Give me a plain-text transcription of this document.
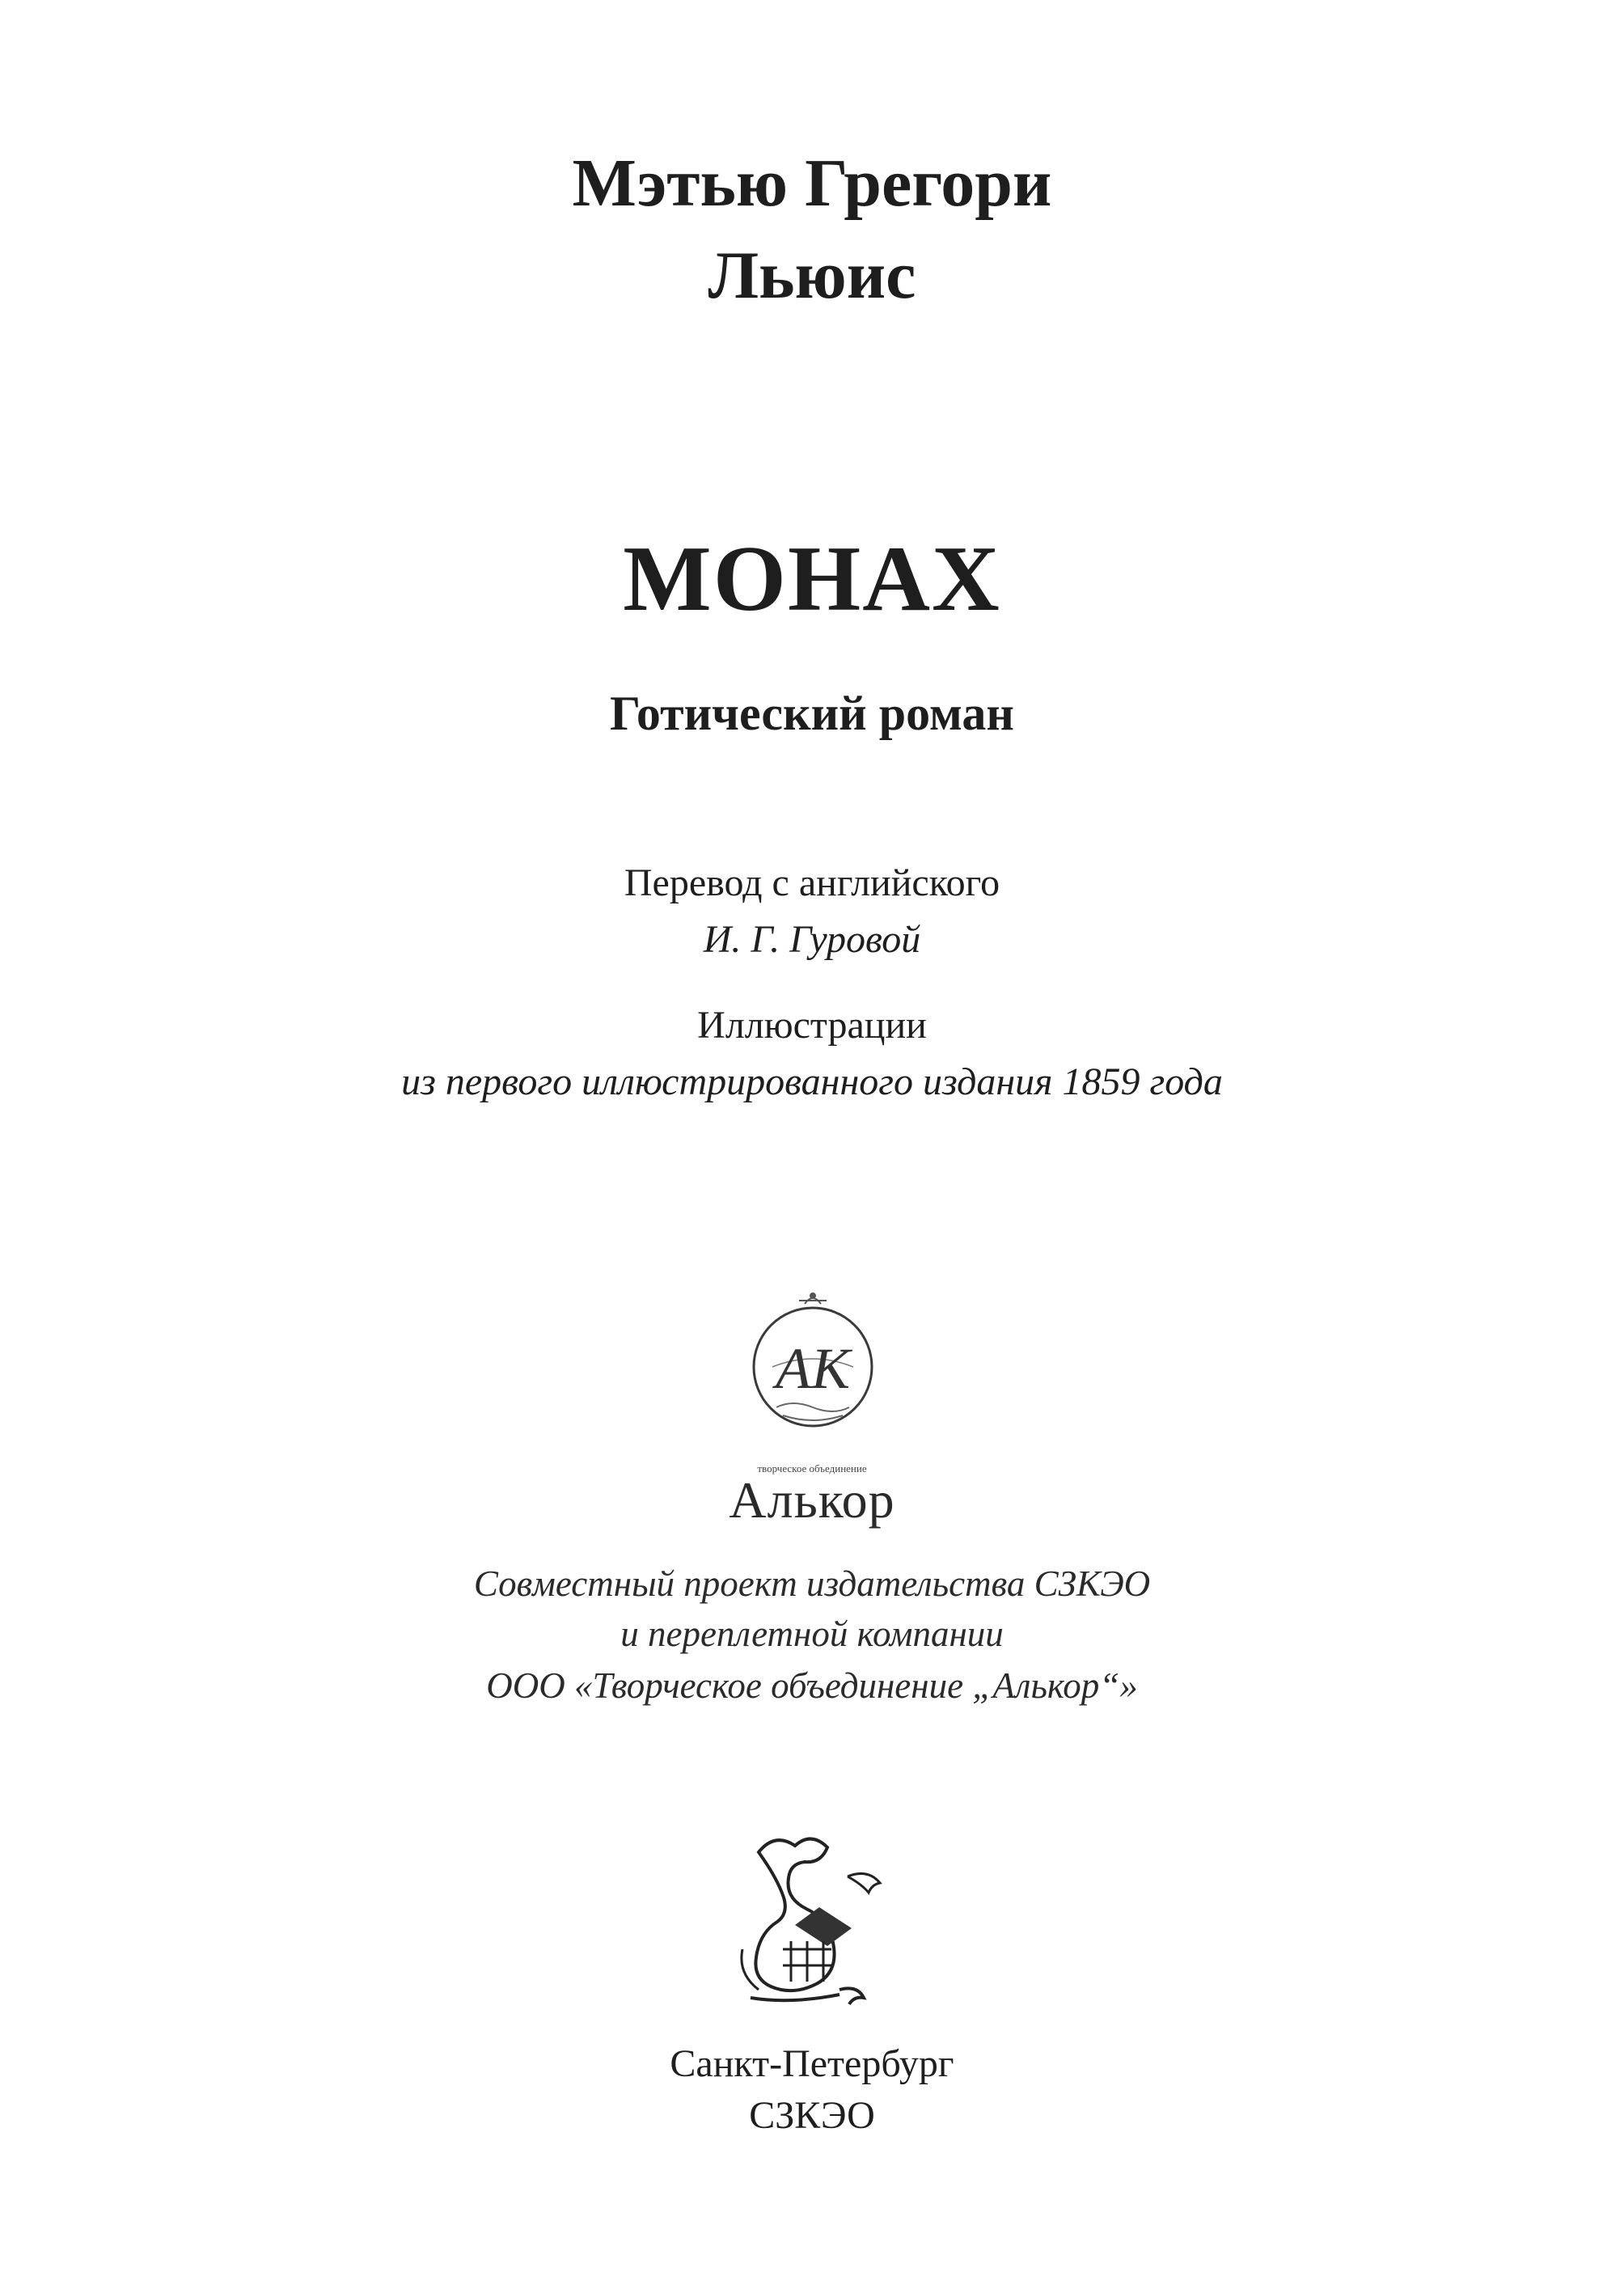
Мэтью Грегори
Льюис
МОНАХ
Готический роман
Перевод с английского
И. Г. Гуровой
Иллюстрации
из первого иллюстрированного издания 1859 года
AK
творческое объединение
Алькор
Совместный проект издательства СЗКЭО
и переплетной компании
ООО «Творческое объединение „Алькор“»
Санкт-Петербург
СЗКЭО
